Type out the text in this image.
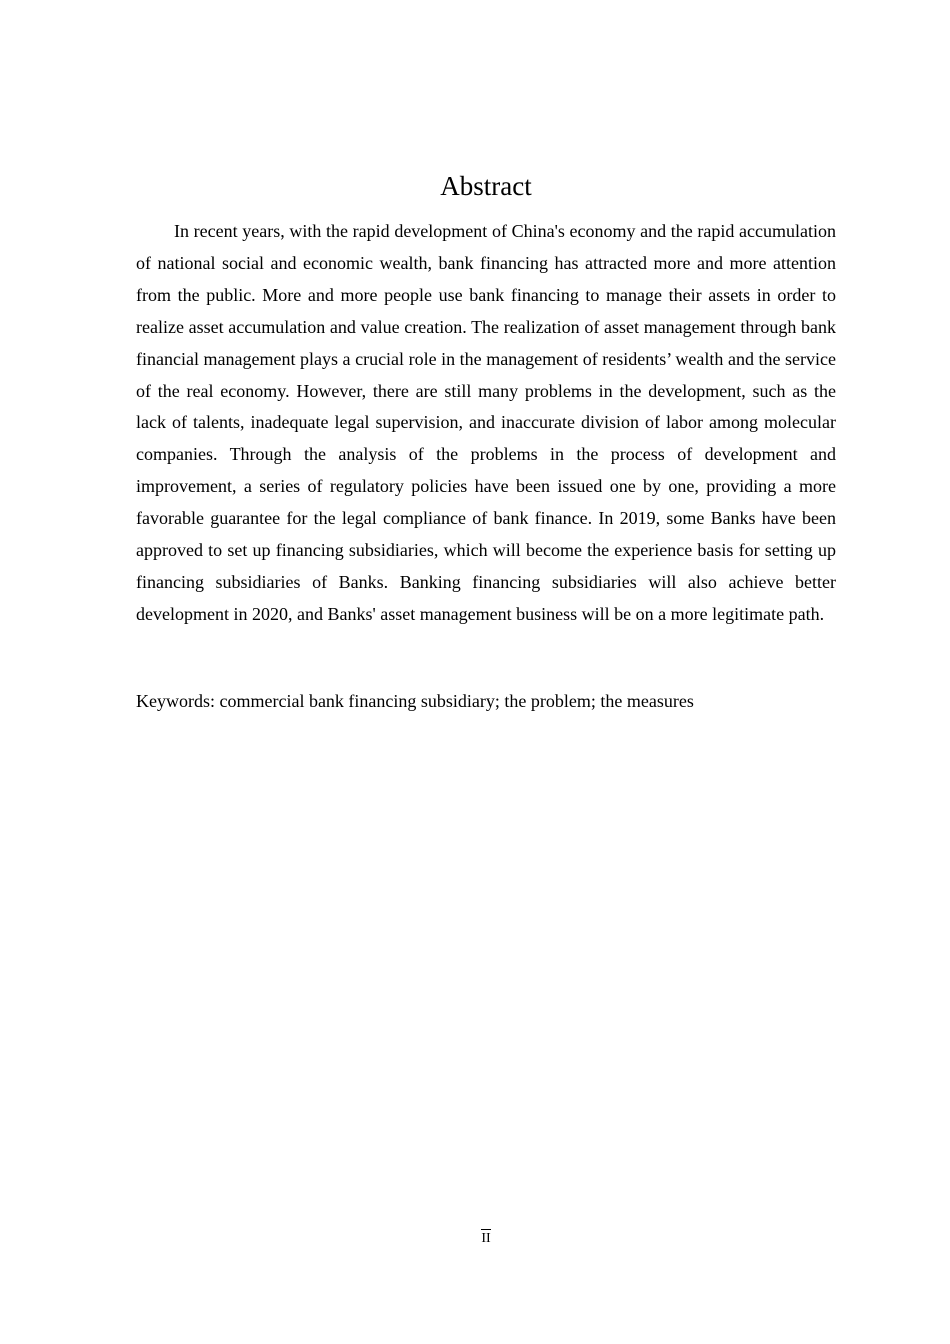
Abstract

In recent years, with the rapid development of China's economy and the rapid accumulation of national social and economic wealth, bank financing has attracted more and more attention from the public. More and more people use bank financing to manage their assets in order to realize asset accumulation and value creation. The realization of asset management through bank financial management plays a crucial role in the management of residents’ wealth and the service of the real economy. However, there are still many problems in the development, such as the lack of talents, inadequate legal supervision, and inaccurate division of labor among molecular companies. Through the analysis of the problems in the process of development and improvement, a series of regulatory policies have been issued one by one, providing a more favorable guarantee for the legal compliance of bank finance. In 2019, some Banks have been approved to set up financing subsidiaries, which will become the experience basis for setting up financing subsidiaries of Banks. Banking financing subsidiaries will also achieve better development in 2020, and Banks' asset management business will be on a more legitimate path.

Keywords: commercial bank financing subsidiary; the problem; the measures

II
